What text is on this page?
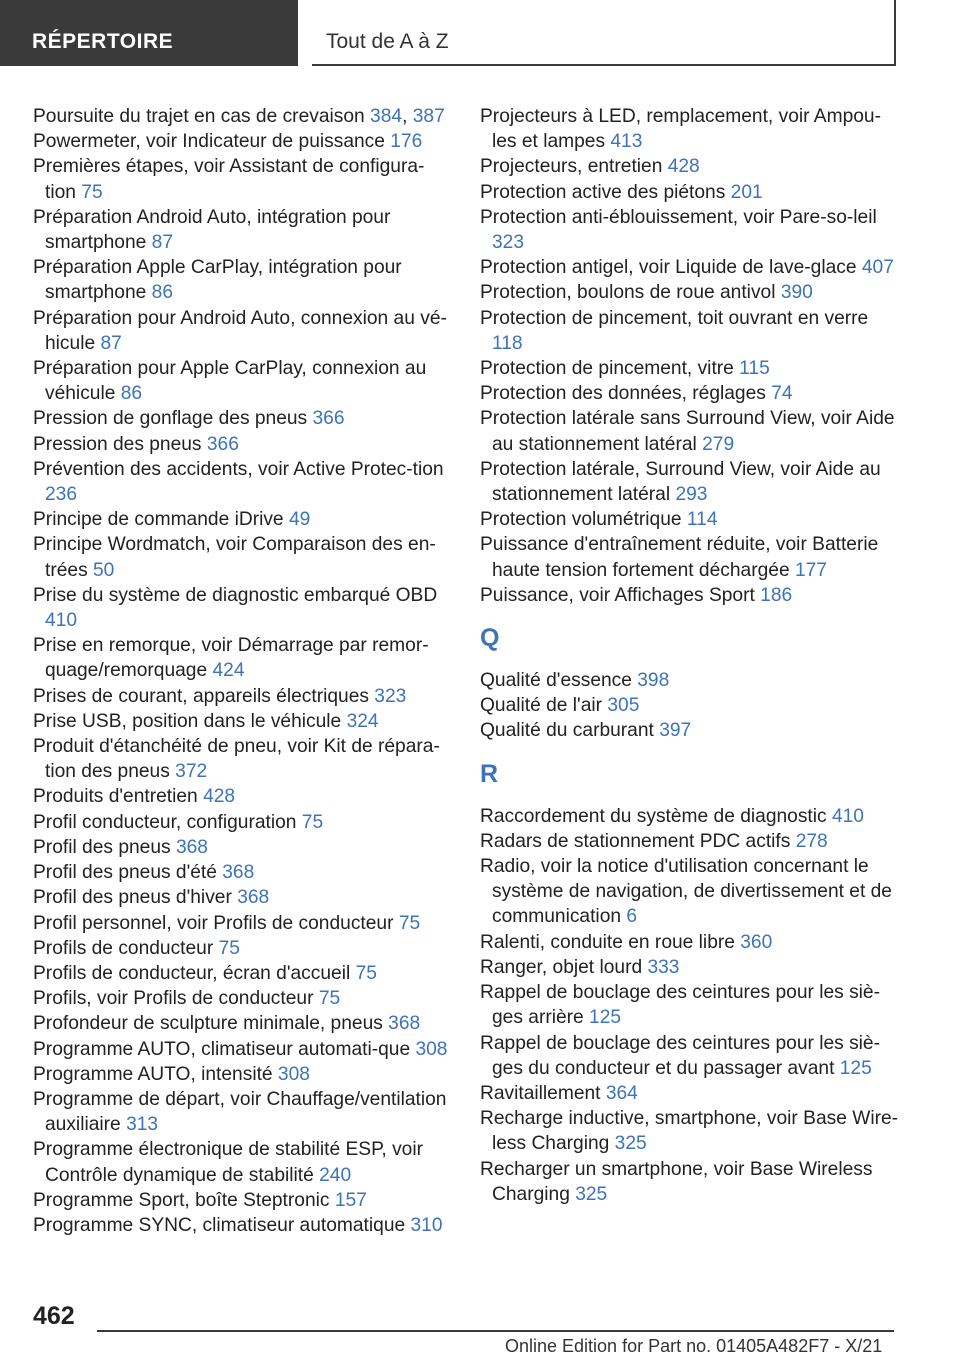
RÉPERTOIRE	Tout de A à Z
Poursuite du trajet en cas de crevaison 384, 387
Powermeter, voir Indicateur de puissance 176
Premières étapes, voir Assistant de configura‐tion 75
Préparation Android Auto, intégration pour smartphone 87
Préparation Apple CarPlay, intégration pour smartphone 86
Préparation pour Android Auto, connexion au vé‐hicule 87
Préparation pour Apple CarPlay, connexion au véhicule 86
Pression de gonflage des pneus 366
Pression des pneus 366
Prévention des accidents, voir Active Protec‐tion 236
Principe de commande iDrive 49
Principe Wordmatch, voir Comparaison des en‐trées 50
Prise du système de diagnostic embarqué OBD 410
Prise en remorque, voir Démarrage par remor‐quage/remorquage 424
Prises de courant, appareils électriques 323
Prise USB, position dans le véhicule 324
Produit d'étanchéité de pneu, voir Kit de répara‐tion des pneus 372
Produits d'entretien 428
Profil conducteur, configuration 75
Profil des pneus 368
Profil des pneus d'été 368
Profil des pneus d'hiver 368
Profil personnel, voir Profils de conducteur 75
Profils de conducteur 75
Profils de conducteur, écran d'accueil 75
Profils, voir Profils de conducteur 75
Profondeur de sculpture minimale, pneus 368
Programme AUTO, climatiseur automati‐que 308
Programme AUTO, intensité 308
Programme de départ, voir Chauffage/ventilation auxiliaire 313
Programme électronique de stabilité ESP, voir Contrôle dynamique de stabilité 240
Programme Sport, boîte Steptronic 157
Programme SYNC, climatiseur automatique 310
Projecteurs à LED, remplacement, voir Ampou‐les et lampes 413
Projecteurs, entretien 428
Protection active des piétons 201
Protection anti-éblouissement, voir Pare-so‐leil 323
Protection antigel, voir Liquide de lave‐glace 407
Protection, boulons de roue antivol 390
Protection de pincement, toit ouvrant en verre 118
Protection de pincement, vitre 115
Protection des données, réglages 74
Protection latérale sans Surround View, voir Aide au stationnement latéral 279
Protection latérale, Surround View, voir Aide au stationnement latéral 293
Protection volumétrique 114
Puissance d'entraînement réduite, voir Batterie haute tension fortement déchargée 177
Puissance, voir Affichages Sport 186
Q
Qualité d'essence 398
Qualité de l'air 305
Qualité du carburant 397
R
Raccordement du système de diagnostic 410
Radars de stationnement PDC actifs 278
Radio, voir la notice d'utilisation concernant le système de navigation, de divertissement et de communication 6
Ralenti, conduite en roue libre 360
Ranger, objet lourd 333
Rappel de bouclage des ceintures pour les siè‐ges arrière 125
Rappel de bouclage des ceintures pour les siè‐ges du conducteur et du passager avant 125
Ravitaillement 364
Recharge inductive, smartphone, voir Base Wire‐less Charging 325
Recharger un smartphone, voir Base Wireless Charging 325
462
Online Edition for Part no. 01405A482F7 - X/21
